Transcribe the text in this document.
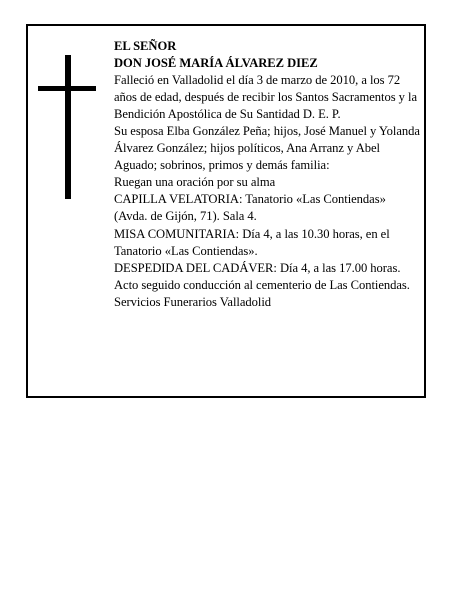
EL SEÑOR

DON JOSÉ MARÍA ÁLVAREZ DIEZ

Falleció en Valladolid el día 3 de marzo de 2010, a los 72 años de edad, después de recibir los Santos Sacramentos y la Bendición Apostólica de Su Santidad D. E. P.

Su esposa Elba González Peña; hijos, José Manuel y Yolanda Álvarez González; hijos políticos, Ana Arranz y Abel Aguado; sobrinos, primos y demás familia:

Ruegan una oración por su alma

CAPILLA VELATORIA: Tanatorio «Las Contiendas» (Avda. de Gijón, 71). Sala 4.

MISA COMUNITARIA: Día 4, a las 10.30 horas, en el Tanatorio «Las Contiendas».

DESPEDIDA DEL CADÁVER: Día 4, a las 17.00 horas. Acto seguido conducción al cementerio de Las Contiendas.

Servicios Funerarios Valladolid
